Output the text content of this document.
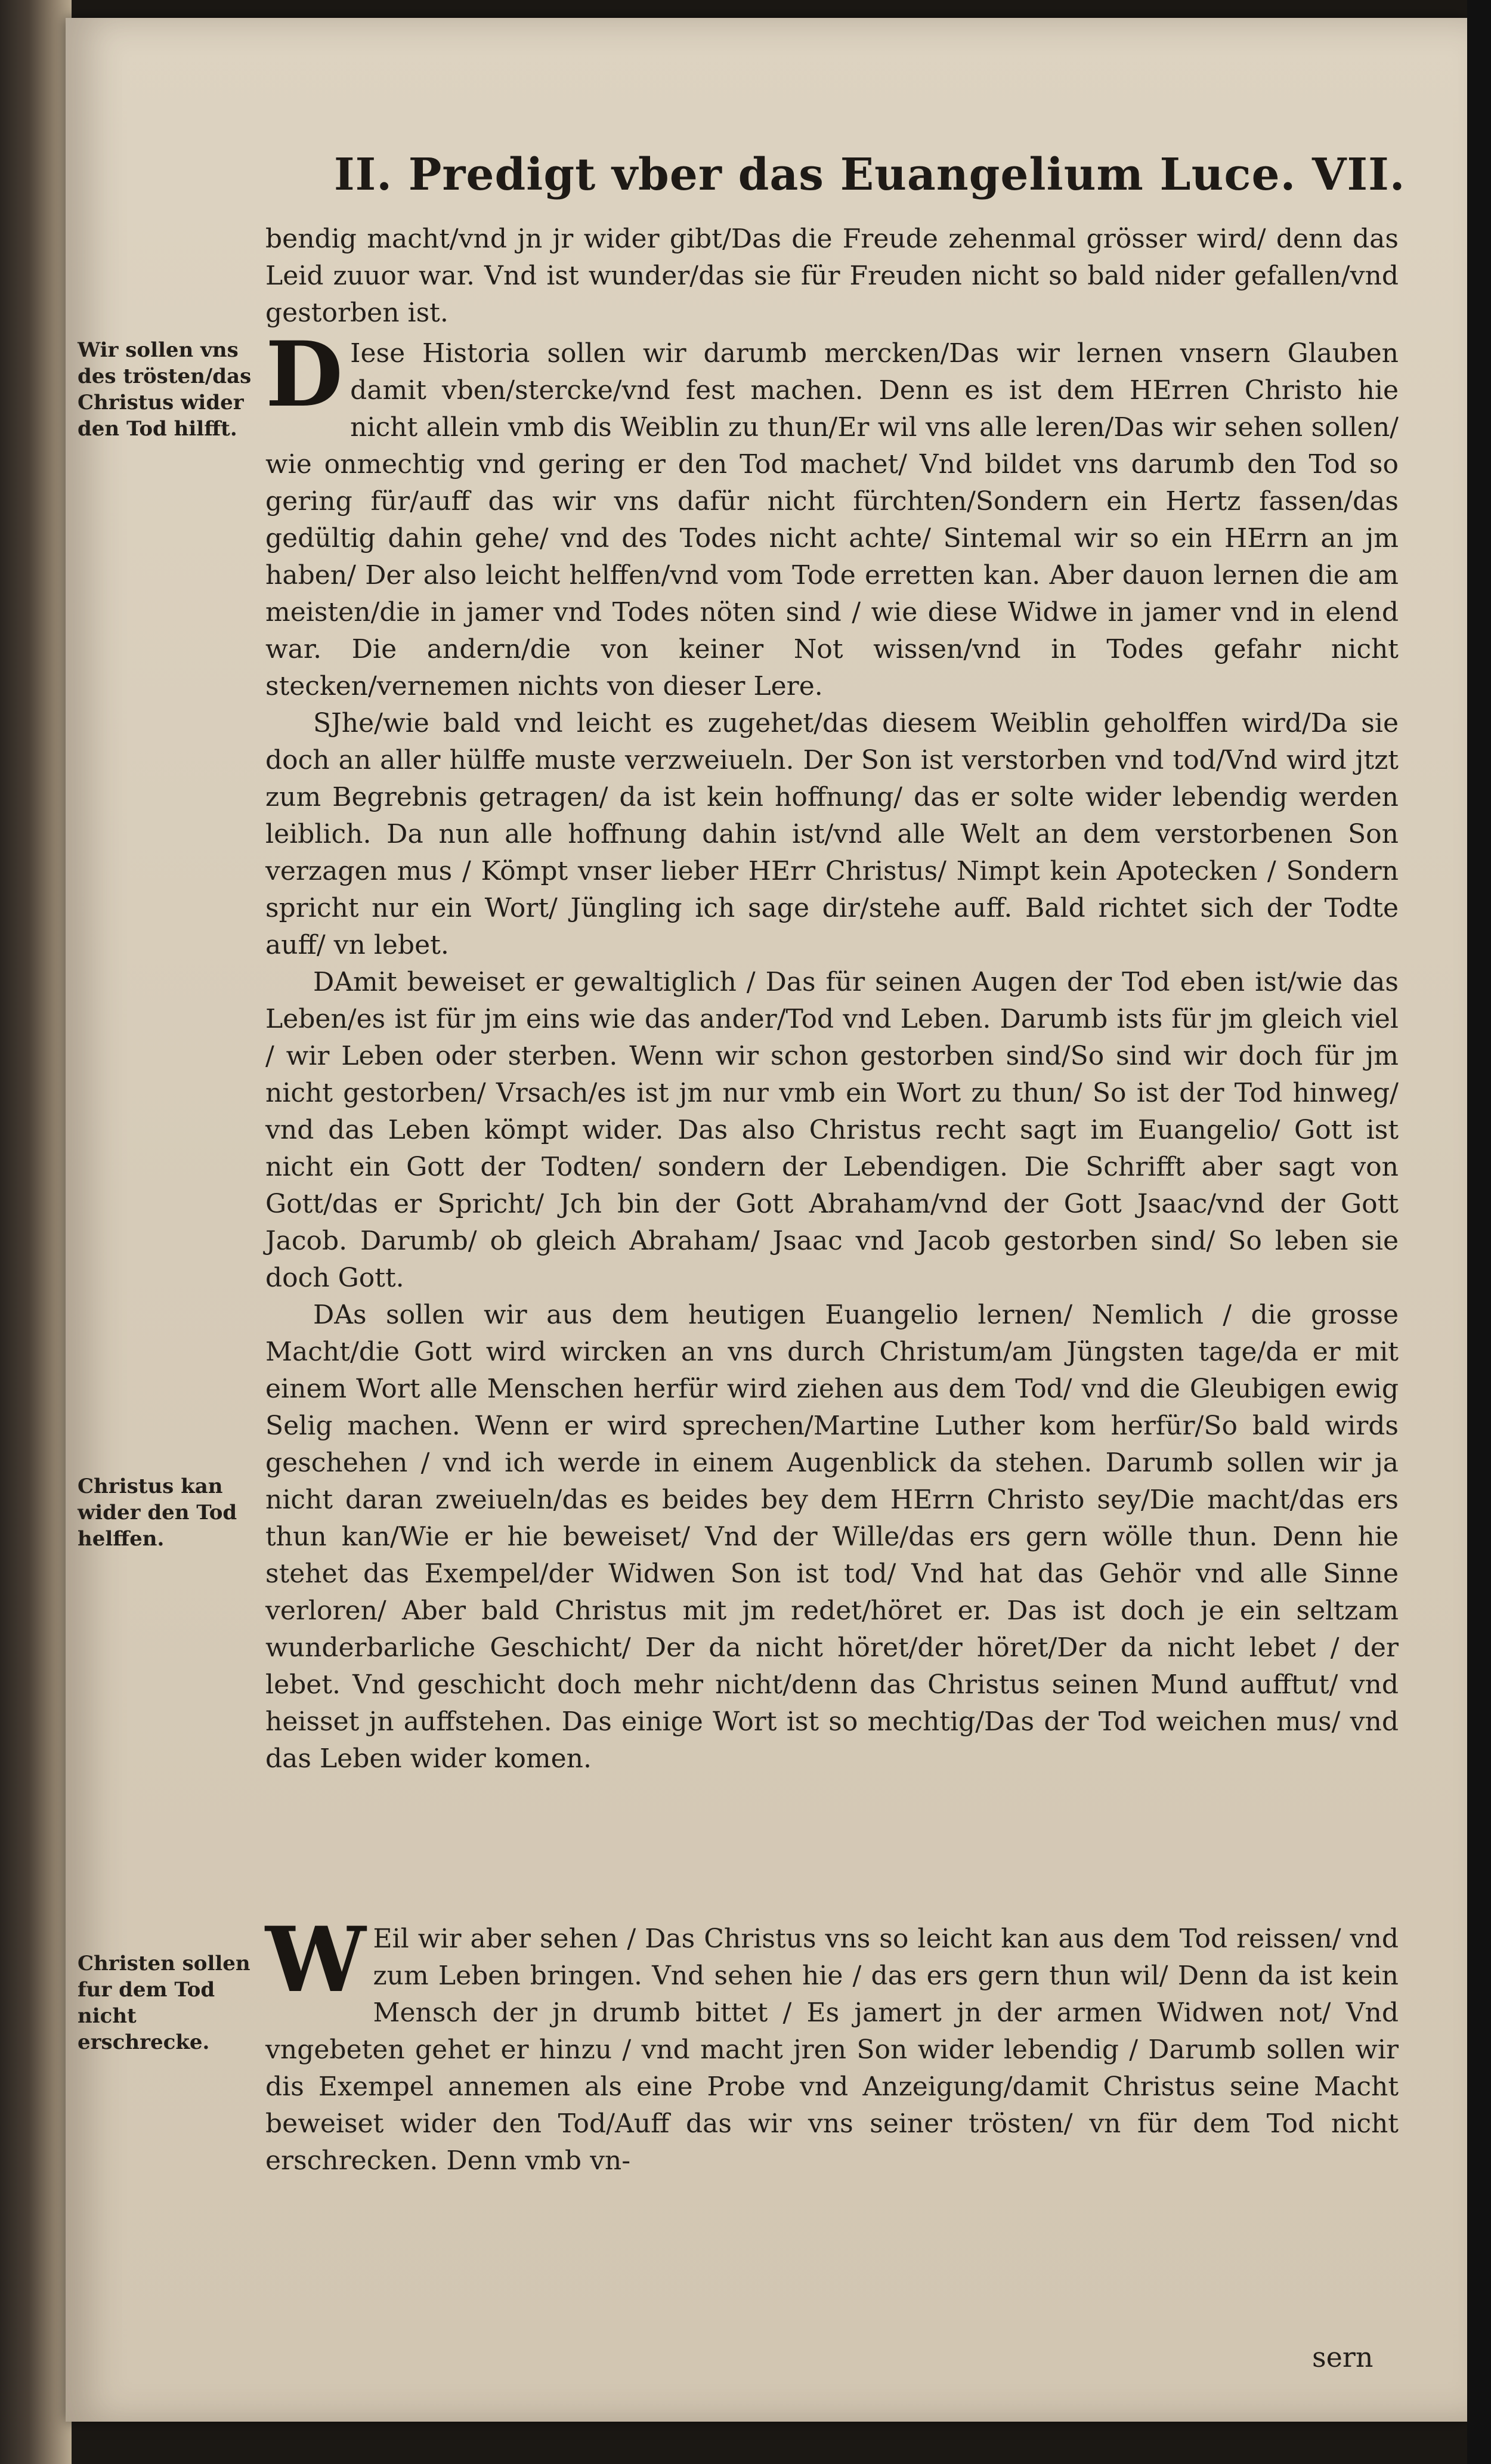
II. Predigt vber das Euangelium Luce. VII.
Wir sollen vns des trösten/das Christus wider den Tod hilfft.
Christus kan wider den Tod helffen.
Christen sollen fur dem Tod nicht erschrecke.

bendig macht/vnd jn jr wider gibt/Das die Freude zehenmal grösser wird/ denn das Leid zuuor war. Vnd ist wunder/das sie für Freuden nicht so bald nider gefallen/vnd gestorben ist.

D Iese Historia sollen wir darumb mercken/Das wir lernen vnsern Glauben damit vben/stercke/vnd fest machen. Denn es ist dem HErren Christo hie nicht allein vmb dis Weiblin zu thun/Er wil vns alle leren/Das wir sehen sollen/ wie onmechtig vnd gering er den Tod machet/ Vnd bildet vns darumb den Tod so gering für/auff das wir vns dafür nicht fürchten/Sondern ein Hertz fassen/das gedültig dahin gehe/ vnd des Todes nicht achte/ Sintemal wir so ein HErrn an jm haben/ Der also leicht helffen/vnd vom Tode erretten kan. Aber dauon lernen die am meisten/die in jamer vnd Todes nöten sind / wie diese Widwe in jamer vnd in elend war. Die andern/die von keiner Not wissen/vnd in Todes gefahr nicht stecken/vernemen nichts von dieser Lere.

SJhe/wie bald vnd leicht es zugehet/das diesem Weiblin geholffen wird/Da sie doch an aller hülffe muste verzweiueln. Der Son ist verstorben vnd tod/Vnd wird jtzt zum Begrebnis getragen/ da ist kein hoffnung/ das er solte wider lebendig werden leiblich. Da nun alle hoffnung dahin ist/vnd alle Welt an dem verstorbenen Son verzagen mus / Kömpt vnser lieber HErr Christus/ Nimpt kein Apotecken / Sondern spricht nur ein Wort/ Jüngling ich sage dir/stehe auff. Bald richtet sich der Todte auff/ vn lebet.

DAmit beweiset er gewaltiglich / Das für seinen Augen der Tod eben ist/wie das Leben/es ist für jm eins wie das ander/Tod vnd Leben. Darumb ists für jm gleich viel / wir Leben oder sterben. Wenn wir schon gestorben sind/So sind wir doch für jm nicht gestorben/ Vrsach/es ist jm nur vmb ein Wort zu thun/ So ist der Tod hinweg/ vnd das Leben kömpt wider. Das also Christus recht sagt im Euangelio/ Gott ist nicht ein Gott der Todten/ sondern der Lebendigen. Die Schrifft aber sagt von Gott/das er Spricht/ Jch bin der Gott Abraham/vnd der Gott Jsaac/vnd der Gott Jacob. Darumb/ ob gleich Abraham/ Jsaac vnd Jacob gestorben sind/ So leben sie doch Gott.

DAs sollen wir aus dem heutigen Euangelio lernen/ Nemlich / die grosse Macht/die Gott wird wircken an vns durch Christum/am Jüngsten tage/da er mit einem Wort alle Menschen herfür wird ziehen aus dem Tod/ vnd die Gleubigen ewig Selig machen. Wenn er wird sprechen/Martine Luther kom herfür/So bald wirds geschehen / vnd ich werde in einem Augenblick da stehen. Darumb sollen wir ja nicht daran zweiueln/das es beides bey dem HErrn Christo sey/Die macht/das ers thun kan/Wie er hie beweiset/ Vnd der Wille/das ers gern wölle thun. Denn hie stehet das Exempel/der Widwen Son ist tod/ Vnd hat das Gehör vnd alle Sinne verloren/ Aber bald Christus mit jm redet/höret er. Das ist doch je ein seltzam wunderbarliche Geschicht/ Der da nicht höret/der höret/Der da nicht lebet / der lebet. Vnd geschicht doch mehr nicht/denn das Christus seinen Mund aufftut/ vnd heisset jn auffstehen. Das einige Wort ist so mechtig/Das der Tod weichen mus/ vnd das Leben wider komen.

W Eil wir aber sehen / Das Christus vns so leicht kan aus dem Tod reissen/ vnd zum Leben bringen. Vnd sehen hie / das ers gern thun wil/ Denn da ist kein Mensch der jn drumb bittet / Es jamert jn der armen Widwen not/ Vnd vngebeten gehet er hinzu / vnd macht jren Son wider lebendig / Darumb sollen wir dis Exempel annemen als eine Probe vnd Anzeigung/damit Christus seine Macht beweiset wider den Tod/Auff das wir vns seiner trösten/ vn für dem Tod nicht erschrecken. Denn vmb vn-

sern
